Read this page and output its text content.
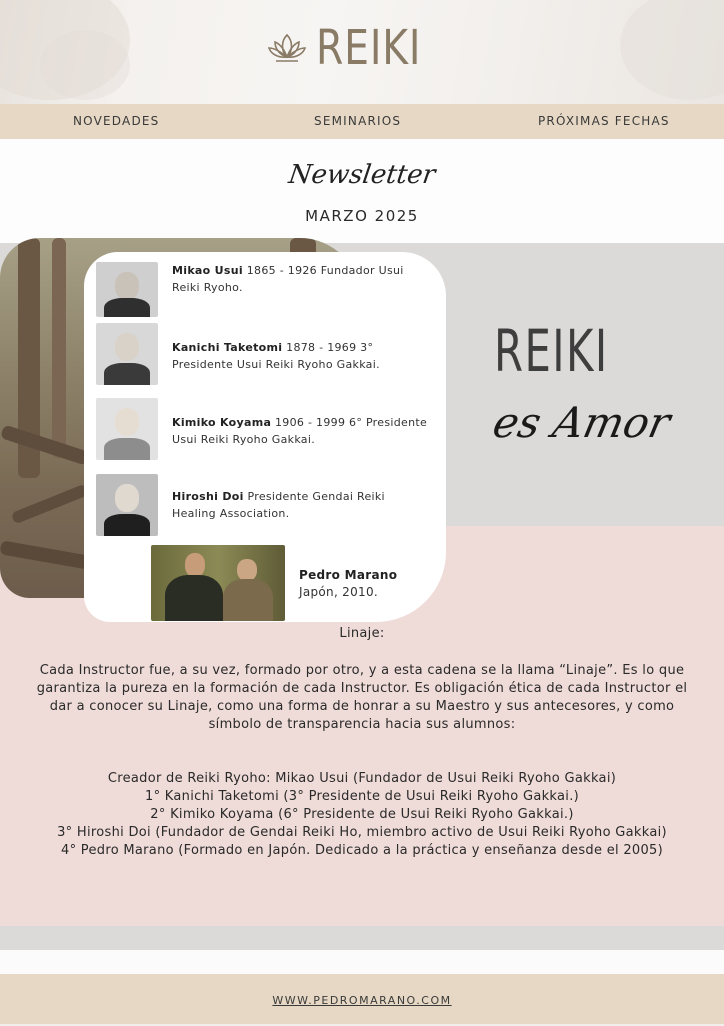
REIKI
NOVEDADES	SEMINARIOS	PRÓXIMAS FECHAS
Newsletter
MARZO 2025
Mikao Usui 1865 - 1926 Fundador Usui Reiki Ryoho.
Kanichi Taketomi 1878 - 1969 3° Presidente Usui Reiki Ryoho Gakkai.
Kimiko Koyama 1906 - 1999 6° Presidente Usui Reiki Ryoho Gakkai.
Hiroshi Doi Presidente Gendai Reiki Healing Association.
Pedro Marano
Japón, 2010.
REIKI
es Amor
Linaje:
Cada Instructor fue, a su vez, formado por otro, y a esta cadena se la llama “Linaje”. Es lo que garantiza la pureza en la formación de cada Instructor. Es obligación ética de cada Instructor el dar a conocer su Linaje, como una forma de honrar a su Maestro y sus antecesores, y como símbolo de transparencia hacia sus alumnos:
Creador de Reiki Ryoho: Mikao Usui (Fundador de Usui Reiki Ryoho Gakkai)
1° Kanichi Taketomi (3° Presidente de Usui Reiki Ryoho Gakkai.)
2° Kimiko Koyama (6° Presidente de Usui Reiki Ryoho Gakkai.)
3° Hiroshi Doi (Fundador de Gendai Reiki Ho, miembro activo de Usui Reiki Ryoho Gakkai)
4° Pedro Marano (Formado en Japón. Dedicado a la práctica y enseñanza desde el 2005)
WWW.PEDROMARANO.COM
